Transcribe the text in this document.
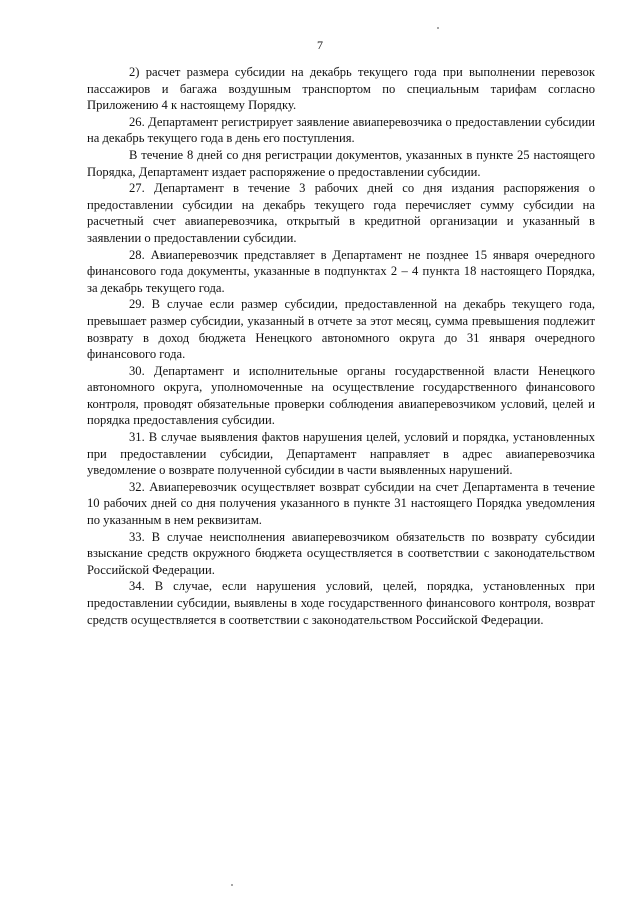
7

2) расчет размера субсидии на декабрь текущего года при выполнении перевозок пассажиров и багажа воздушным транспортом по специальным тарифам согласно Приложению 4 к настоящему Порядку.

26. Департамент регистрирует заявление авиаперевозчика о предоставлении субсидии на декабрь текущего года в день его поступления.

В течение 8 дней со дня регистрации документов, указанных в пункте 25 настоящего Порядка, Департамент издает распоряжение о предоставлении субсидии.

27. Департамент в течение 3 рабочих дней со дня издания распоряжения о предоставлении субсидии на декабрь текущего года перечисляет сумму субсидии на расчетный счет авиаперевозчика, открытый в кредитной организации и указанный в заявлении о предоставлении субсидии.

28. Авиаперевозчик представляет в Департамент не позднее 15 января очередного финансового года документы, указанные в подпунктах 2 – 4 пункта 18 настоящего Порядка, за декабрь текущего года.

29. В случае если размер субсидии, предоставленной на декабрь текущего года, превышает размер субсидии, указанный в отчете за этот месяц, сумма превышения подлежит возврату в доход бюджета Ненецкого автономного округа до 31 января очередного финансового года.

30. Департамент и исполнительные органы государственной власти Ненецкого автономного округа, уполномоченные на осуществление государственного финансового контроля, проводят обязательные проверки соблюдения авиаперевозчиком условий, целей и порядка предоставления субсидии.

31. В случае выявления фактов нарушения целей, условий и порядка, установленных при предоставлении субсидии, Департамент направляет в адрес авиаперевозчика уведомление о возврате полученной субсидии в части выявленных нарушений.

32. Авиаперевозчик осуществляет возврат субсидии на счет Департамента в течение 10 рабочих дней со дня получения указанного в пункте 31 настоящего Порядка уведомления по указанным в нем реквизитам.

33. В случае неисполнения авиаперевозчиком обязательств по возврату субсидии взыскание средств окружного бюджета осуществляется в соответствии с законодательством Российской Федерации.

34. В случае, если нарушения условий, целей, порядка, установленных при предоставлении субсидии, выявлены в ходе государственного финансового контроля, возврат средств осуществляется в соответствии с законодательством Российской Федерации.
